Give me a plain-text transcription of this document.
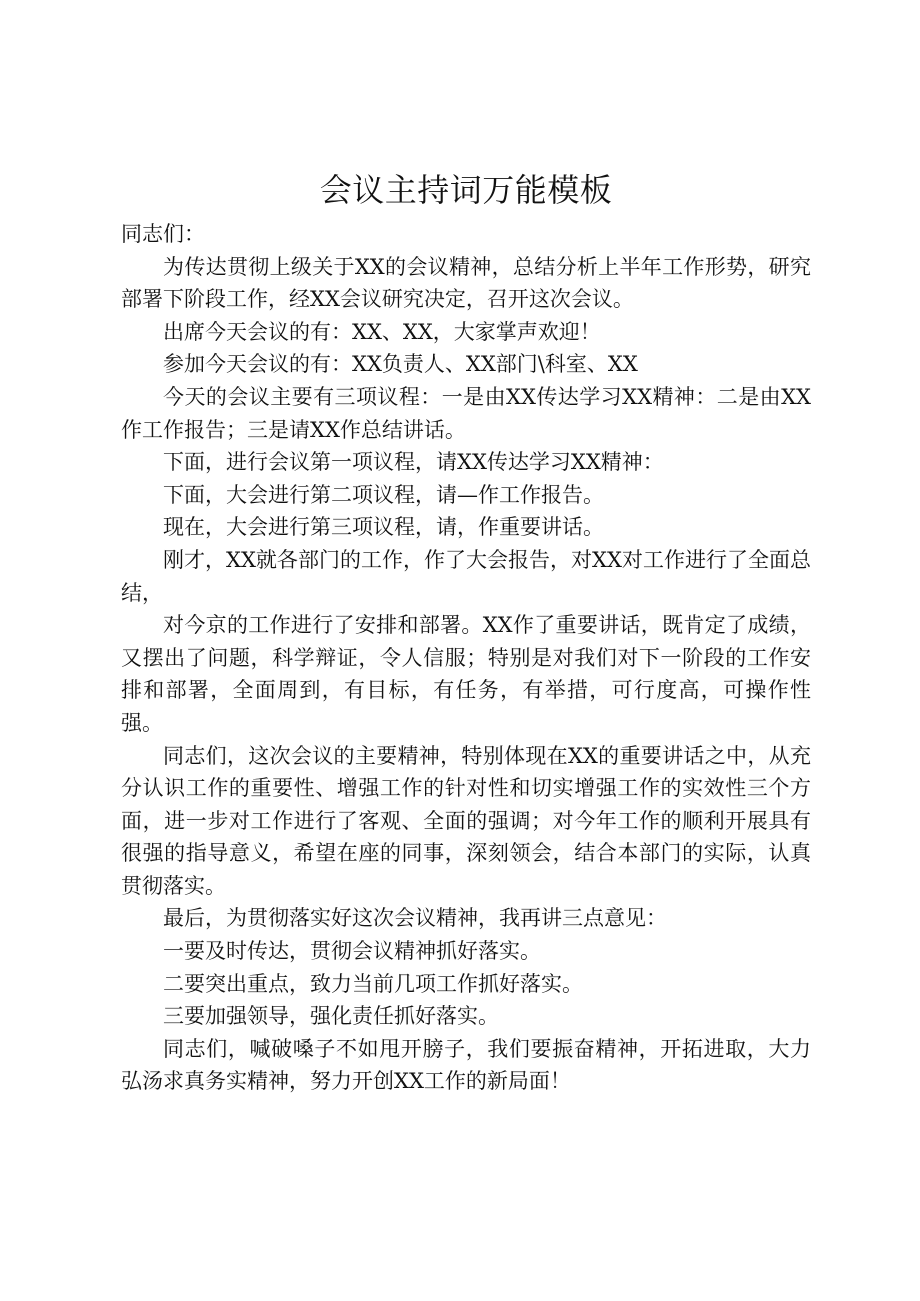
会议主持词万能模板

同志们：

为传达贯彻上级关于XX的会议精神，总结分析上半年工作形势，研究部署下阶段工作，经XX会议研究决定，召开这次会议。

出席今天会议的有：XX、XX，大家掌声欢迎！

参加今天会议的有：XX负责人、XX部门\科室、XX

今天的会议主要有三项议程：一是由XX传达学习XX精神：二是由XX作工作报告；三是请XX作总结讲话。

下面，进行会议第一项议程，请XX传达学习XX精神：

下面，大会进行第二项议程，请—作工作报告。

现在，大会进行第三项议程，请，作重要讲话。

刚才，XX就各部门的工作，作了大会报告，对XX对工作进行了全面总结，

对今京的工作进行了安排和部署。XX作了重要讲话，既肯定了成绩，又摆出了问题，科学辩证，令人信服；特别是对我们对下一阶段的工作安排和部署，全面周到，有目标，有任务，有举措，可行度高，可操作性强。

同志们，这次会议的主要精神，特别体现在XX的重要讲话之中，从充分认识工作的重要性、增强工作的针对性和切实增强工作的实效性三个方面，进一步对工作进行了客观、全面的强调；对今年工作的顺利开展具有很强的指导意义，希望在座的同事，深刻领会，结合本部门的实际，认真贯彻落实。

最后，为贯彻落实好这次会议精神，我再讲三点意见：

一要及时传达，贯彻会议精神抓好落实。

二要突出重点，致力当前几项工作抓好落实。

三要加强领导，强化责任抓好落实。

同志们，喊破嗓子不如甩开膀子，我们要振奋精神，开拓进取，大力弘汤求真务实精神，努力开创XX工作的新局面！
